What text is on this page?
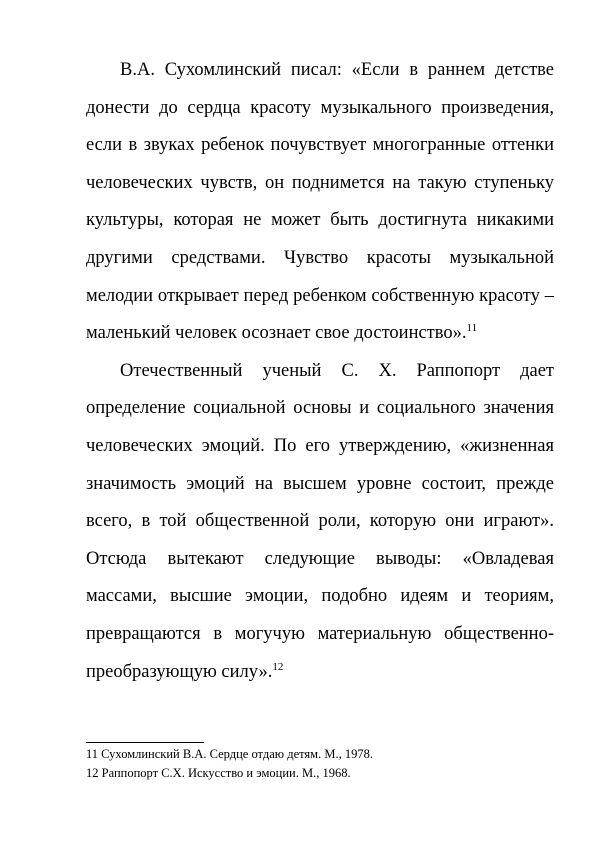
В.А. Сухомлинский писал: «Если в раннем детстве донести до сердца красоту музыкального произведения, если в звуках ребенок почувствует многогранные оттенки человеческих чувств, он поднимется на такую ступеньку культуры, которая не может быть достигнута никакими другими средствами. Чувство красоты музыкальной мелодии открывает перед ребенком собственную красоту – маленький человек осознает свое достоинство».$^{11}$

Отечественный ученый С. Х. Раппопорт дает определение социальной основы и социального значения человеческих эмоций. По его утверждению, «жизненная значимость эмоций на высшем уровне состоит, прежде всего, в той общественной роли, которую они играют». Отсюда вытекают следующие выводы: «Овладевая массами, высшие эмоции, подобно идеям и теориям, превращаются в могучую материальную общественно-преобразующую силу».$^{12}$

11 Сухомлинский В.А. Сердце отдаю детям. М., 1978.

12 Раппопорт С.Х. Искусство и эмоции. М., 1968.
